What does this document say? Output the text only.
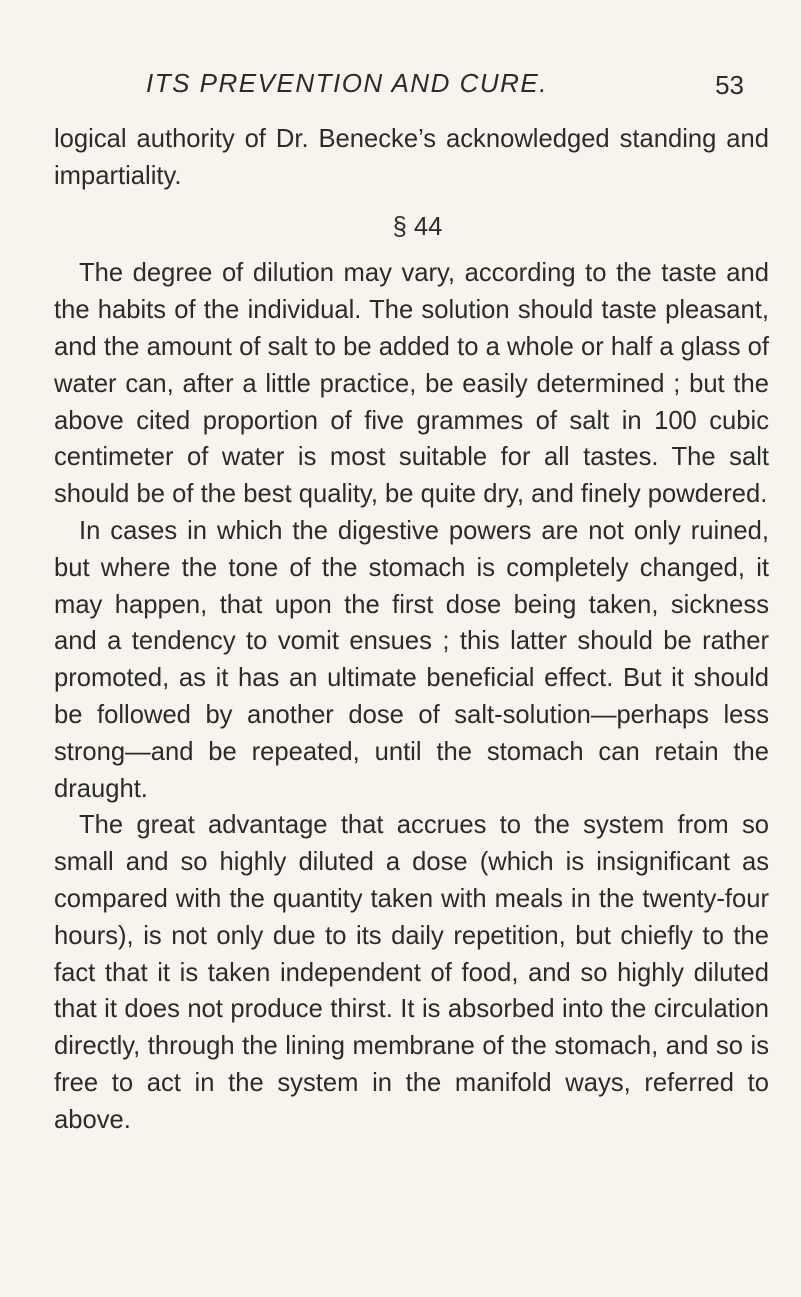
ITS PREVENTION AND CURE.	53

logical authority of Dr. Benecke’s acknowledged standing and impartiality.

§ 44

The degree of dilution may vary, according to the taste and the habits of the individual. The solution should taste pleasant, and the amount of salt to be added to a whole or half a glass of water can, after a little practice, be easily determined ; but the above cited proportion of five grammes of salt in 100 cubic centimeter of water is most suitable for all tastes. The salt should be of the best quality, be quite dry, and finely powdered.

In cases in which the digestive powers are not only ruined, but where the tone of the stomach is completely changed, it may happen, that upon the first dose being taken, sickness and a tendency to vomit ensues ; this latter should be rather promoted, as it has an ultimate beneficial effect. But it should be followed by another dose of salt-solution—perhaps less strong—and be repeated, until the stomach can retain the draught.

The great advantage that accrues to the system from so small and so highly diluted a dose (which is insignificant as compared with the quantity taken with meals in the twenty-four hours), is not only due to its daily repetition, but chiefly to the fact that it is taken independent of food, and so highly diluted that it does not produce thirst. It is absorbed into the circulation directly, through the lining membrane of the stomach, and so is free to act in the system in the manifold ways, referred to above.
